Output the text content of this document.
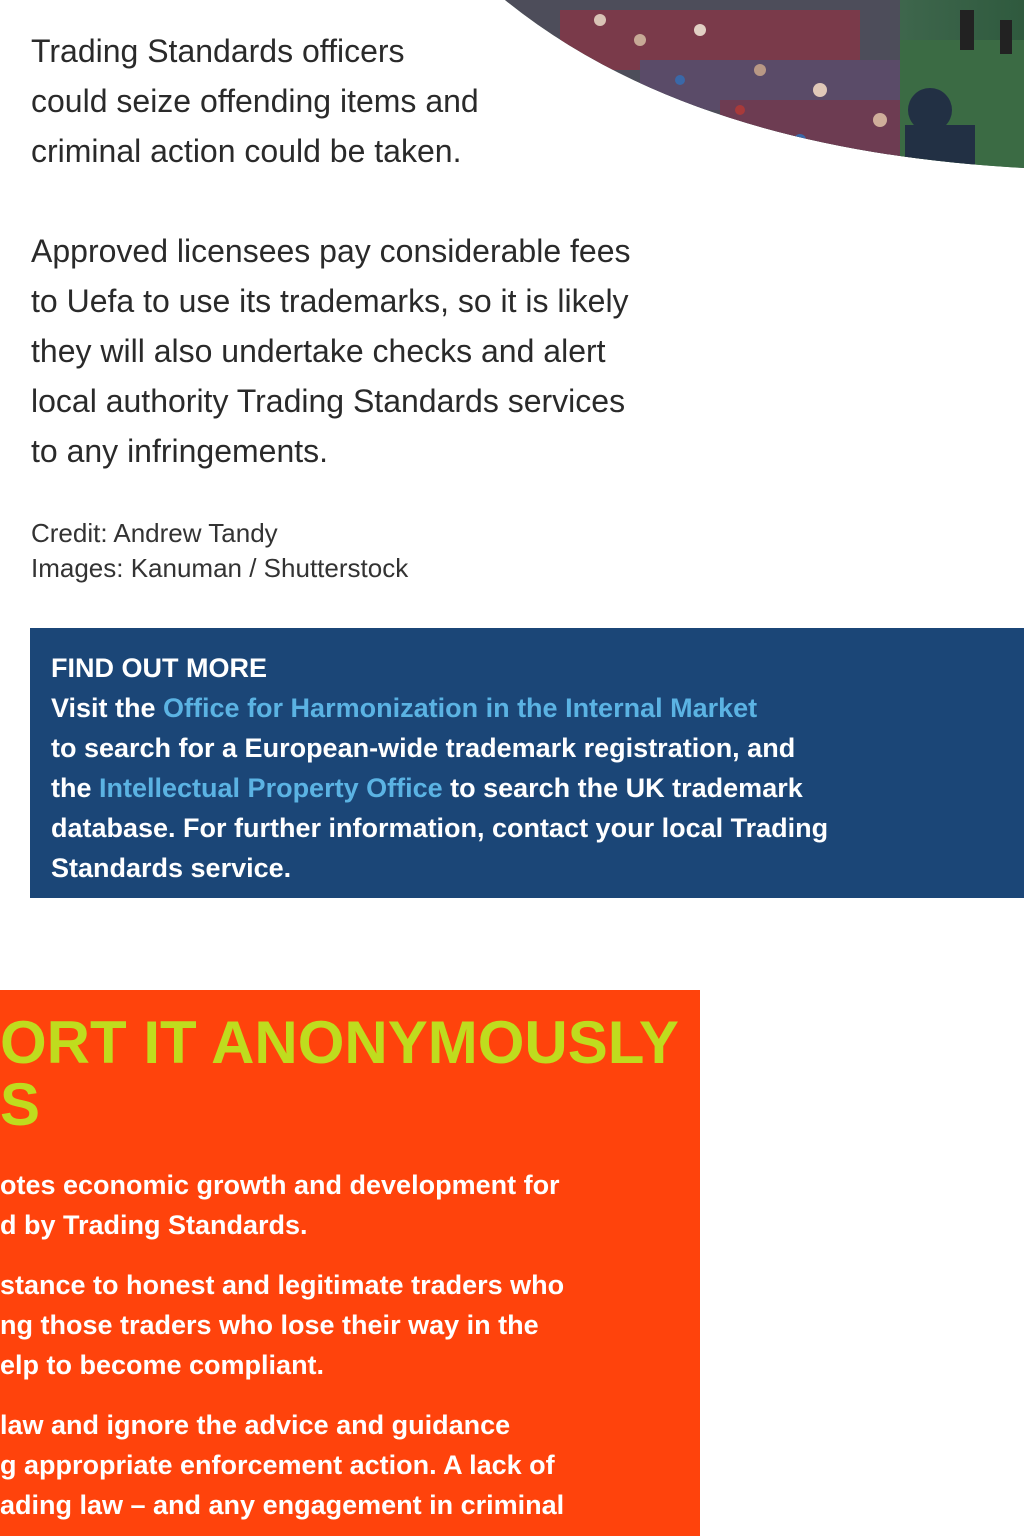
Trading Standards officers
could seize offending items and
criminal action could be taken.

Approved licensees pay considerable fees
to Uefa to use its trademarks, so it is likely
they will also undertake checks and alert
local authority Trading Standards services
to any infringements.

Credit: Andrew Tandy
Images: Kanuman / Shutterstock
FIND OUT MORE
Visit the Office for Harmonization in the Internal Market
to search for a European-wide trademark registration, and
the Intellectual Property Office to search the UK trademark
database. For further information, contact your local Trading
Standards service.
ORT IT ANONYMOUSLY
S

otes economic growth and development for
d by Trading Standards.

stance to honest and legitimate traders who
ng those traders who lose their way in the
elp to become compliant.

law and ignore the advice and guidance
g appropriate enforcement action. A lack of
ading law – and any engagement in criminal
